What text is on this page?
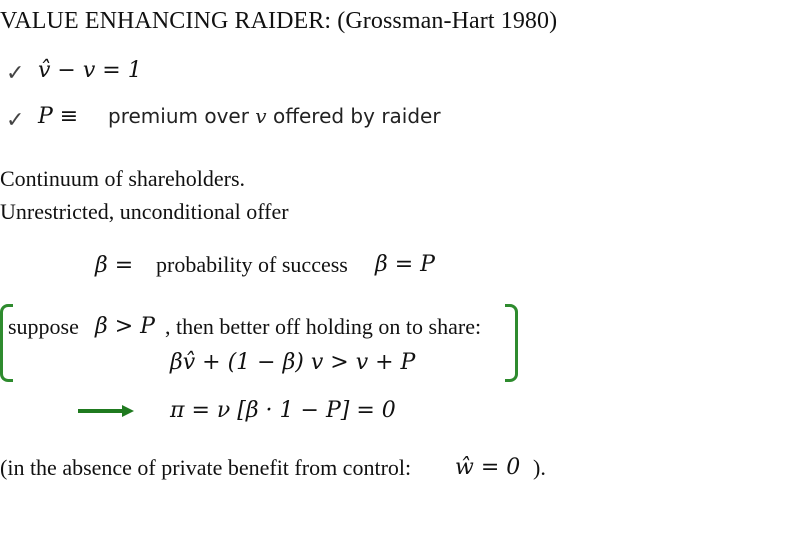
VALUE ENHANCING RAIDER: (Grossman-Hart 1980)
✓ v̂ − v = 1
✓ P ≡ premium over v offered by raider
Continuum of shareholders.
Unrestricted, unconditional offer
β = probability of success β = P
suppose β > P , then better off holding on to share:
βv̂ + (1 − β) v > v + P
π = ν [β · 1 − P] = 0
(in the absence of private benefit from control: ŵ = 0 ).
